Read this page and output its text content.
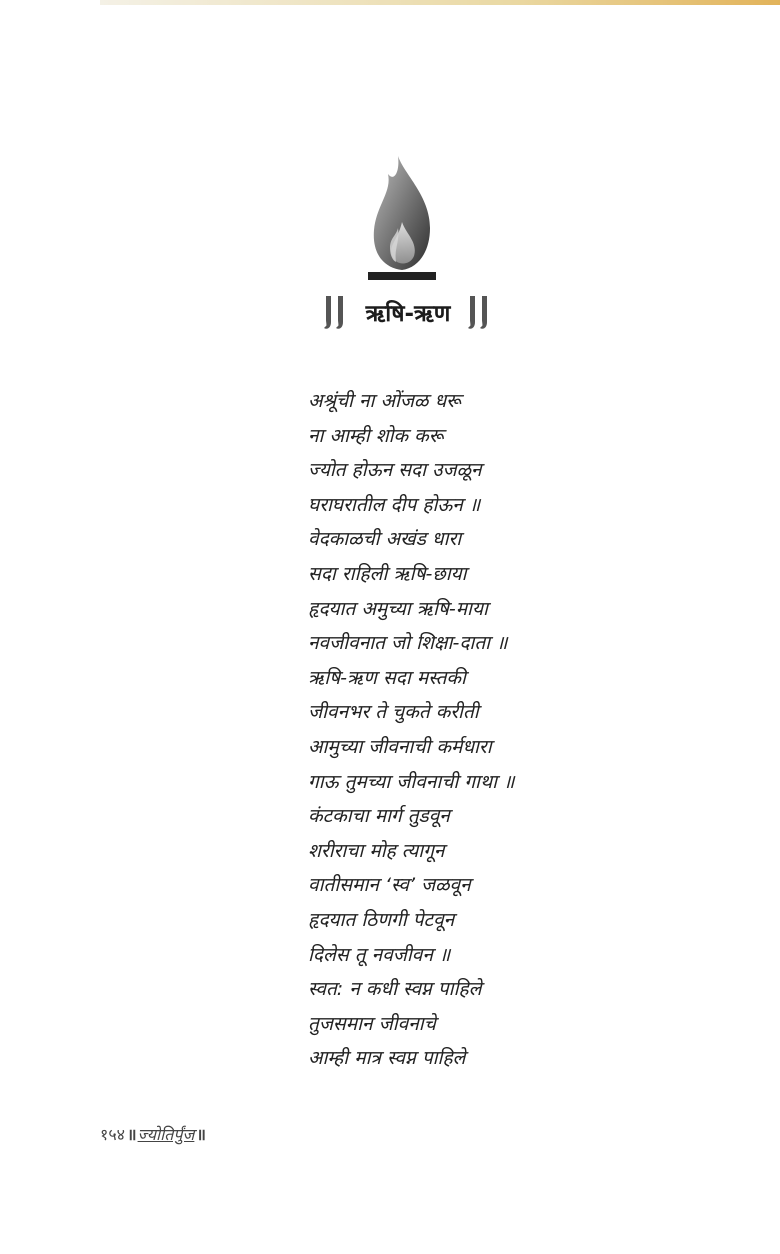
ऋषि-ऋण
अश्रूंची ना ओंजळ धरू
ना आम्ही शोक करू
ज्योत होऊन सदा उजळून
घराघरातील दीप होऊन ॥
वेदकाळची अखंड धारा
सदा राहिली ऋषि-छाया
हृदयात अमुच्या ऋषि-माया
नवजीवनात जो शिक्षा-दाता ॥
ऋषि-ऋण सदा मस्तकी
जीवनभर ते चुकते करीती
आमुच्या जीवनाची कर्मधारा
गाऊ तुमच्या जीवनाची गाथा ॥
कंटकाचा मार्ग तुडवून
शरीराचा मोह त्यागून
वातीसमान ‘स्व’ जळवून
हृदयात ठिणगी पेटवून
दिलेस तू नवजीवन ॥
स्वत: न कधी स्वप्न पाहिले
तुजसमान जीवनाचे
आम्ही मात्र स्वप्न पाहिले
१५४ ॥ ज्योतिर्पुंज ॥
